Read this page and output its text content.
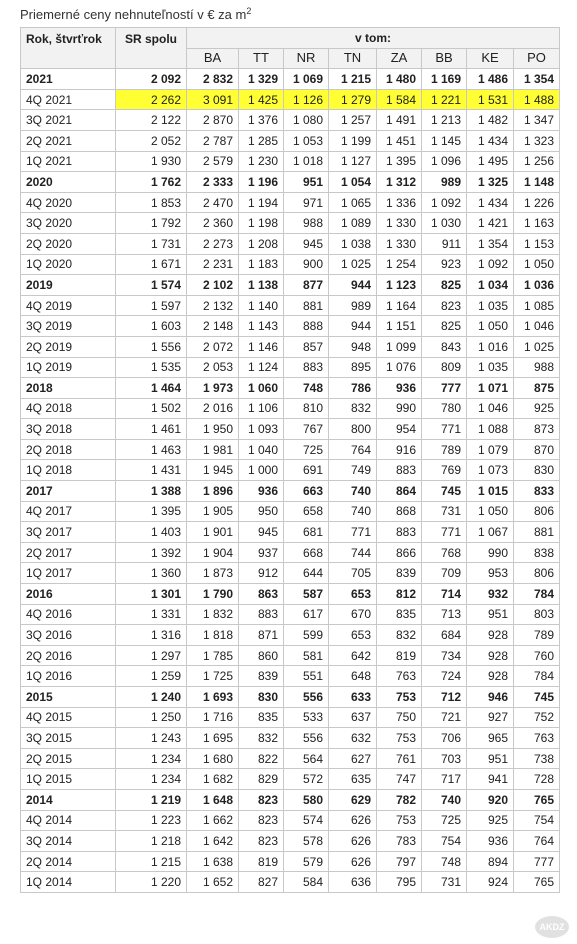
Priemerné ceny nehnuteľností v € za $m^2$
Rok, štvrťrok	SR spolu	v tom:							
		BA	TT	NR	TN	ZA	BB	KE	PO
2021	2 092	2 832	1 329	1 069	1 215	1 480	1 169	1 486	1 354
4Q 2021	2 262	3 091	1 425	1 126	1 279	1 584	1 221	1 531	1 488
3Q 2021	2 122	2 870	1 376	1 080	1 257	1 491	1 213	1 482	1 347
2Q 2021	2 052	2 787	1 285	1 053	1 199	1 451	1 145	1 434	1 323
1Q 2021	1 930	2 579	1 230	1 018	1 127	1 395	1 096	1 495	1 256
2020	1 762	2 333	1 196	951	1 054	1 312	989	1 325	1 148
4Q 2020	1 853	2 470	1 194	971	1 065	1 336	1 092	1 434	1 226
3Q 2020	1 792	2 360	1 198	988	1 089	1 330	1 030	1 421	1 163
2Q 2020	1 731	2 273	1 208	945	1 038	1 330	911	1 354	1 153
1Q 2020	1 671	2 231	1 183	900	1 025	1 254	923	1 092	1 050
2019	1 574	2 102	1 138	877	944	1 123	825	1 034	1 036
4Q 2019	1 597	2 132	1 140	881	989	1 164	823	1 035	1 085
3Q 2019	1 603	2 148	1 143	888	944	1 151	825	1 050	1 046
2Q 2019	1 556	2 072	1 146	857	948	1 099	843	1 016	1 025
1Q 2019	1 535	2 053	1 124	883	895	1 076	809	1 035	988
2018	1 464	1 973	1 060	748	786	936	777	1 071	875
4Q 2018	1 502	2 016	1 106	810	832	990	780	1 046	925
3Q 2018	1 461	1 950	1 093	767	800	954	771	1 088	873
2Q 2018	1 463	1 981	1 040	725	764	916	789	1 079	870
1Q 2018	1 431	1 945	1 000	691	749	883	769	1 073	830
2017	1 388	1 896	936	663	740	864	745	1 015	833
4Q 2017	1 395	1 905	950	658	740	868	731	1 050	806
3Q 2017	1 403	1 901	945	681	771	883	771	1 067	881
2Q 2017	1 392	1 904	937	668	744	866	768	990	838
1Q 2017	1 360	1 873	912	644	705	839	709	953	806
2016	1 301	1 790	863	587	653	812	714	932	784
4Q 2016	1 331	1 832	883	617	670	835	713	951	803
3Q 2016	1 316	1 818	871	599	653	832	684	928	789
2Q 2016	1 297	1 785	860	581	642	819	734	928	760
1Q 2016	1 259	1 725	839	551	648	763	724	928	784
2015	1 240	1 693	830	556	633	753	712	946	745
4Q 2015	1 250	1 716	835	533	637	750	721	927	752
3Q 2015	1 243	1 695	832	556	632	753	706	965	763
2Q 2015	1 234	1 680	822	564	627	761	703	951	738
1Q 2015	1 234	1 682	829	572	635	747	717	941	728
2014	1 219	1 648	823	580	629	782	740	920	765
4Q 2014	1 223	1 662	823	574	626	753	725	925	754
3Q 2014	1 218	1 642	823	578	626	783	754	936	764
2Q 2014	1 215	1 638	819	579	626	797	748	894	777
1Q 2014	1 220	1 652	827	584	636	795	731	924	765
AKDZ
